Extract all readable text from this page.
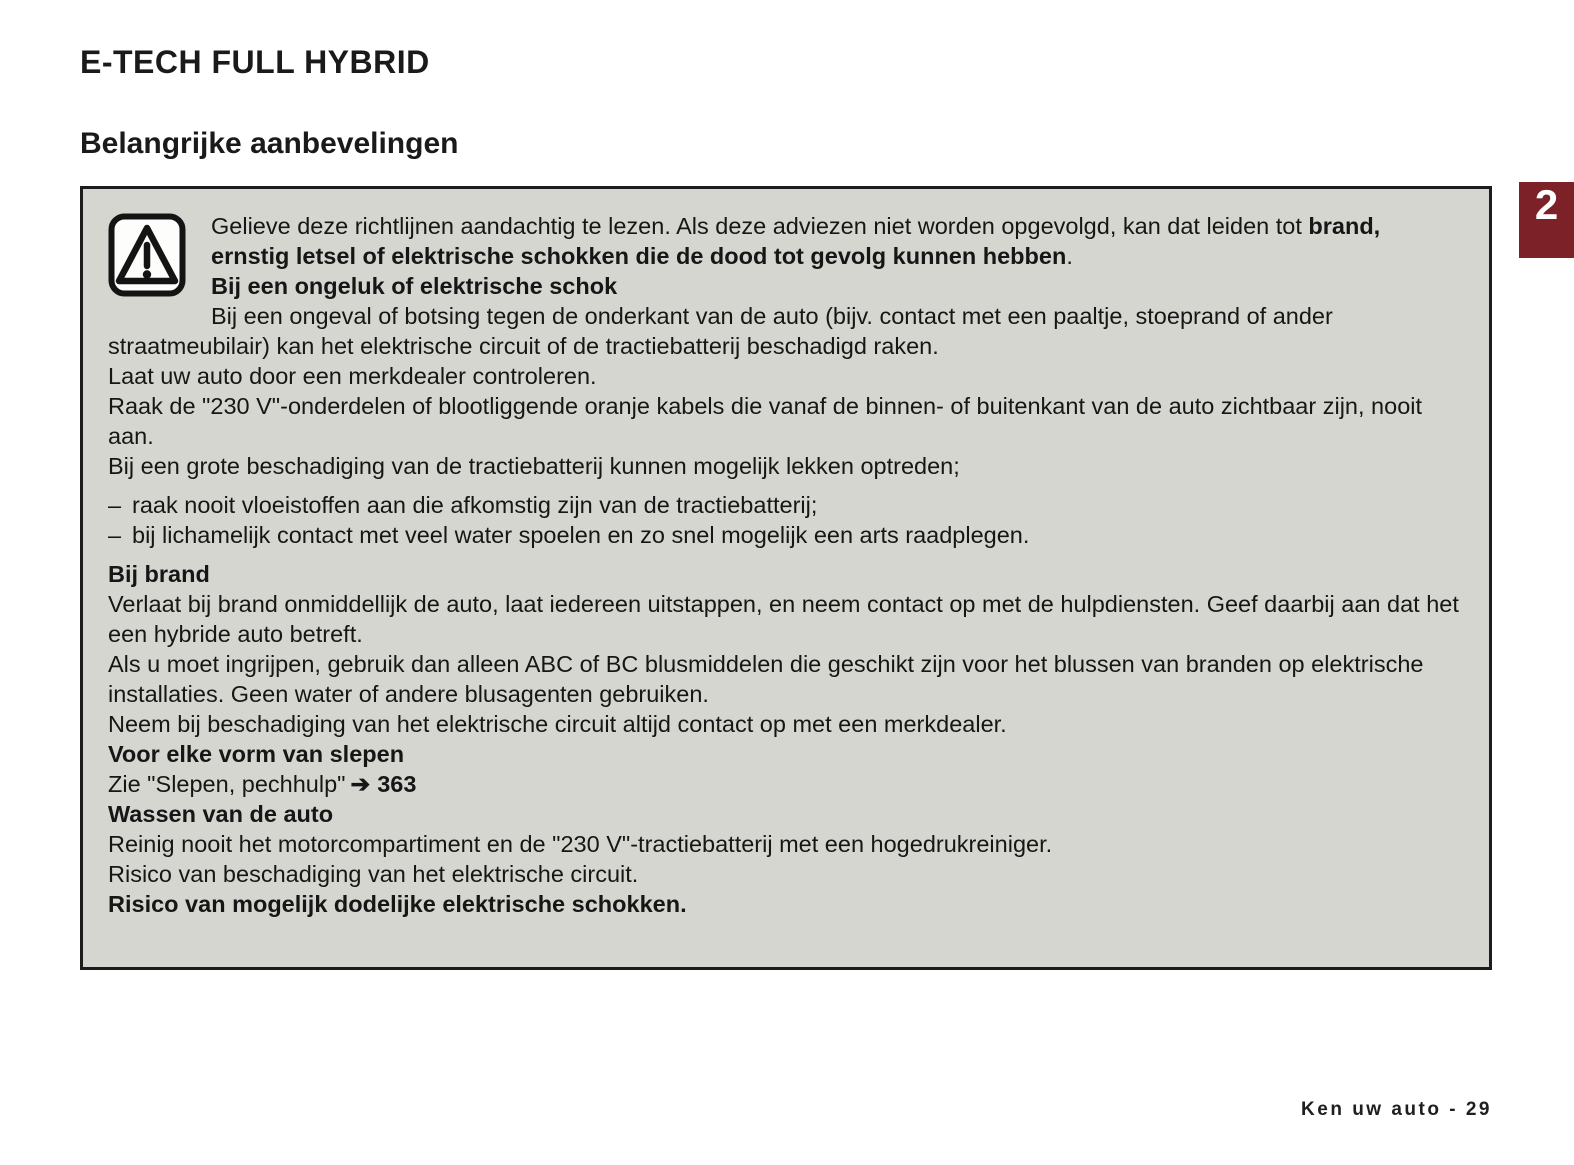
E-TECH FULL HYBRID
Belangrijke aanbevelingen
2

Gelieve deze richtlijnen aandachtig te lezen. Als deze adviezen niet worden opgevolgd, kan dat leiden tot brand, ernstig letsel of elektrische schokken die de dood tot gevolg kunnen hebben.

Bij een ongeluk of elektrische schok

Bij een ongeval of botsing tegen de onderkant van de auto (bijv. contact met een paaltje, stoeprand of ander straatmeubilair) kan het elektrische circuit of de tractiebatterij beschadigd raken.

Laat uw auto door een merkdealer controleren.

Raak de "230 V"-onderdelen of blootliggende oranje kabels die vanaf de binnen- of buitenkant van de auto zichtbaar zijn, nooit aan.

Bij een grote beschadiging van de tractiebatterij kunnen mogelijk lekken optreden;

– raak nooit vloeistoffen aan die afkomstig zijn van de tractiebatterij;
– bij lichamelijk contact met veel water spoelen en zo snel mogelijk een arts raadplegen.

Bij brand

Verlaat bij brand onmiddellijk de auto, laat iedereen uitstappen, en neem contact op met de hulpdiensten. Geef daarbij aan dat het een hybride auto betreft.

Als u moet ingrijpen, gebruik dan alleen ABC of BC blusmiddelen die geschikt zijn voor het blussen van branden op elektrische installaties. Geen water of andere blusagenten gebruiken.

Neem bij beschadiging van het elektrische circuit altijd contact op met een merkdealer.

Voor elke vorm van slepen

Zie "Slepen, pechhulp" ➔ 363

Wassen van de auto

Reinig nooit het motorcompartiment en de "230 V"-tractiebatterij met een hogedrukreiniger.

Risico van beschadiging van het elektrische circuit.

Risico van mogelijk dodelijke elektrische schokken.

Ken uw auto - 29
